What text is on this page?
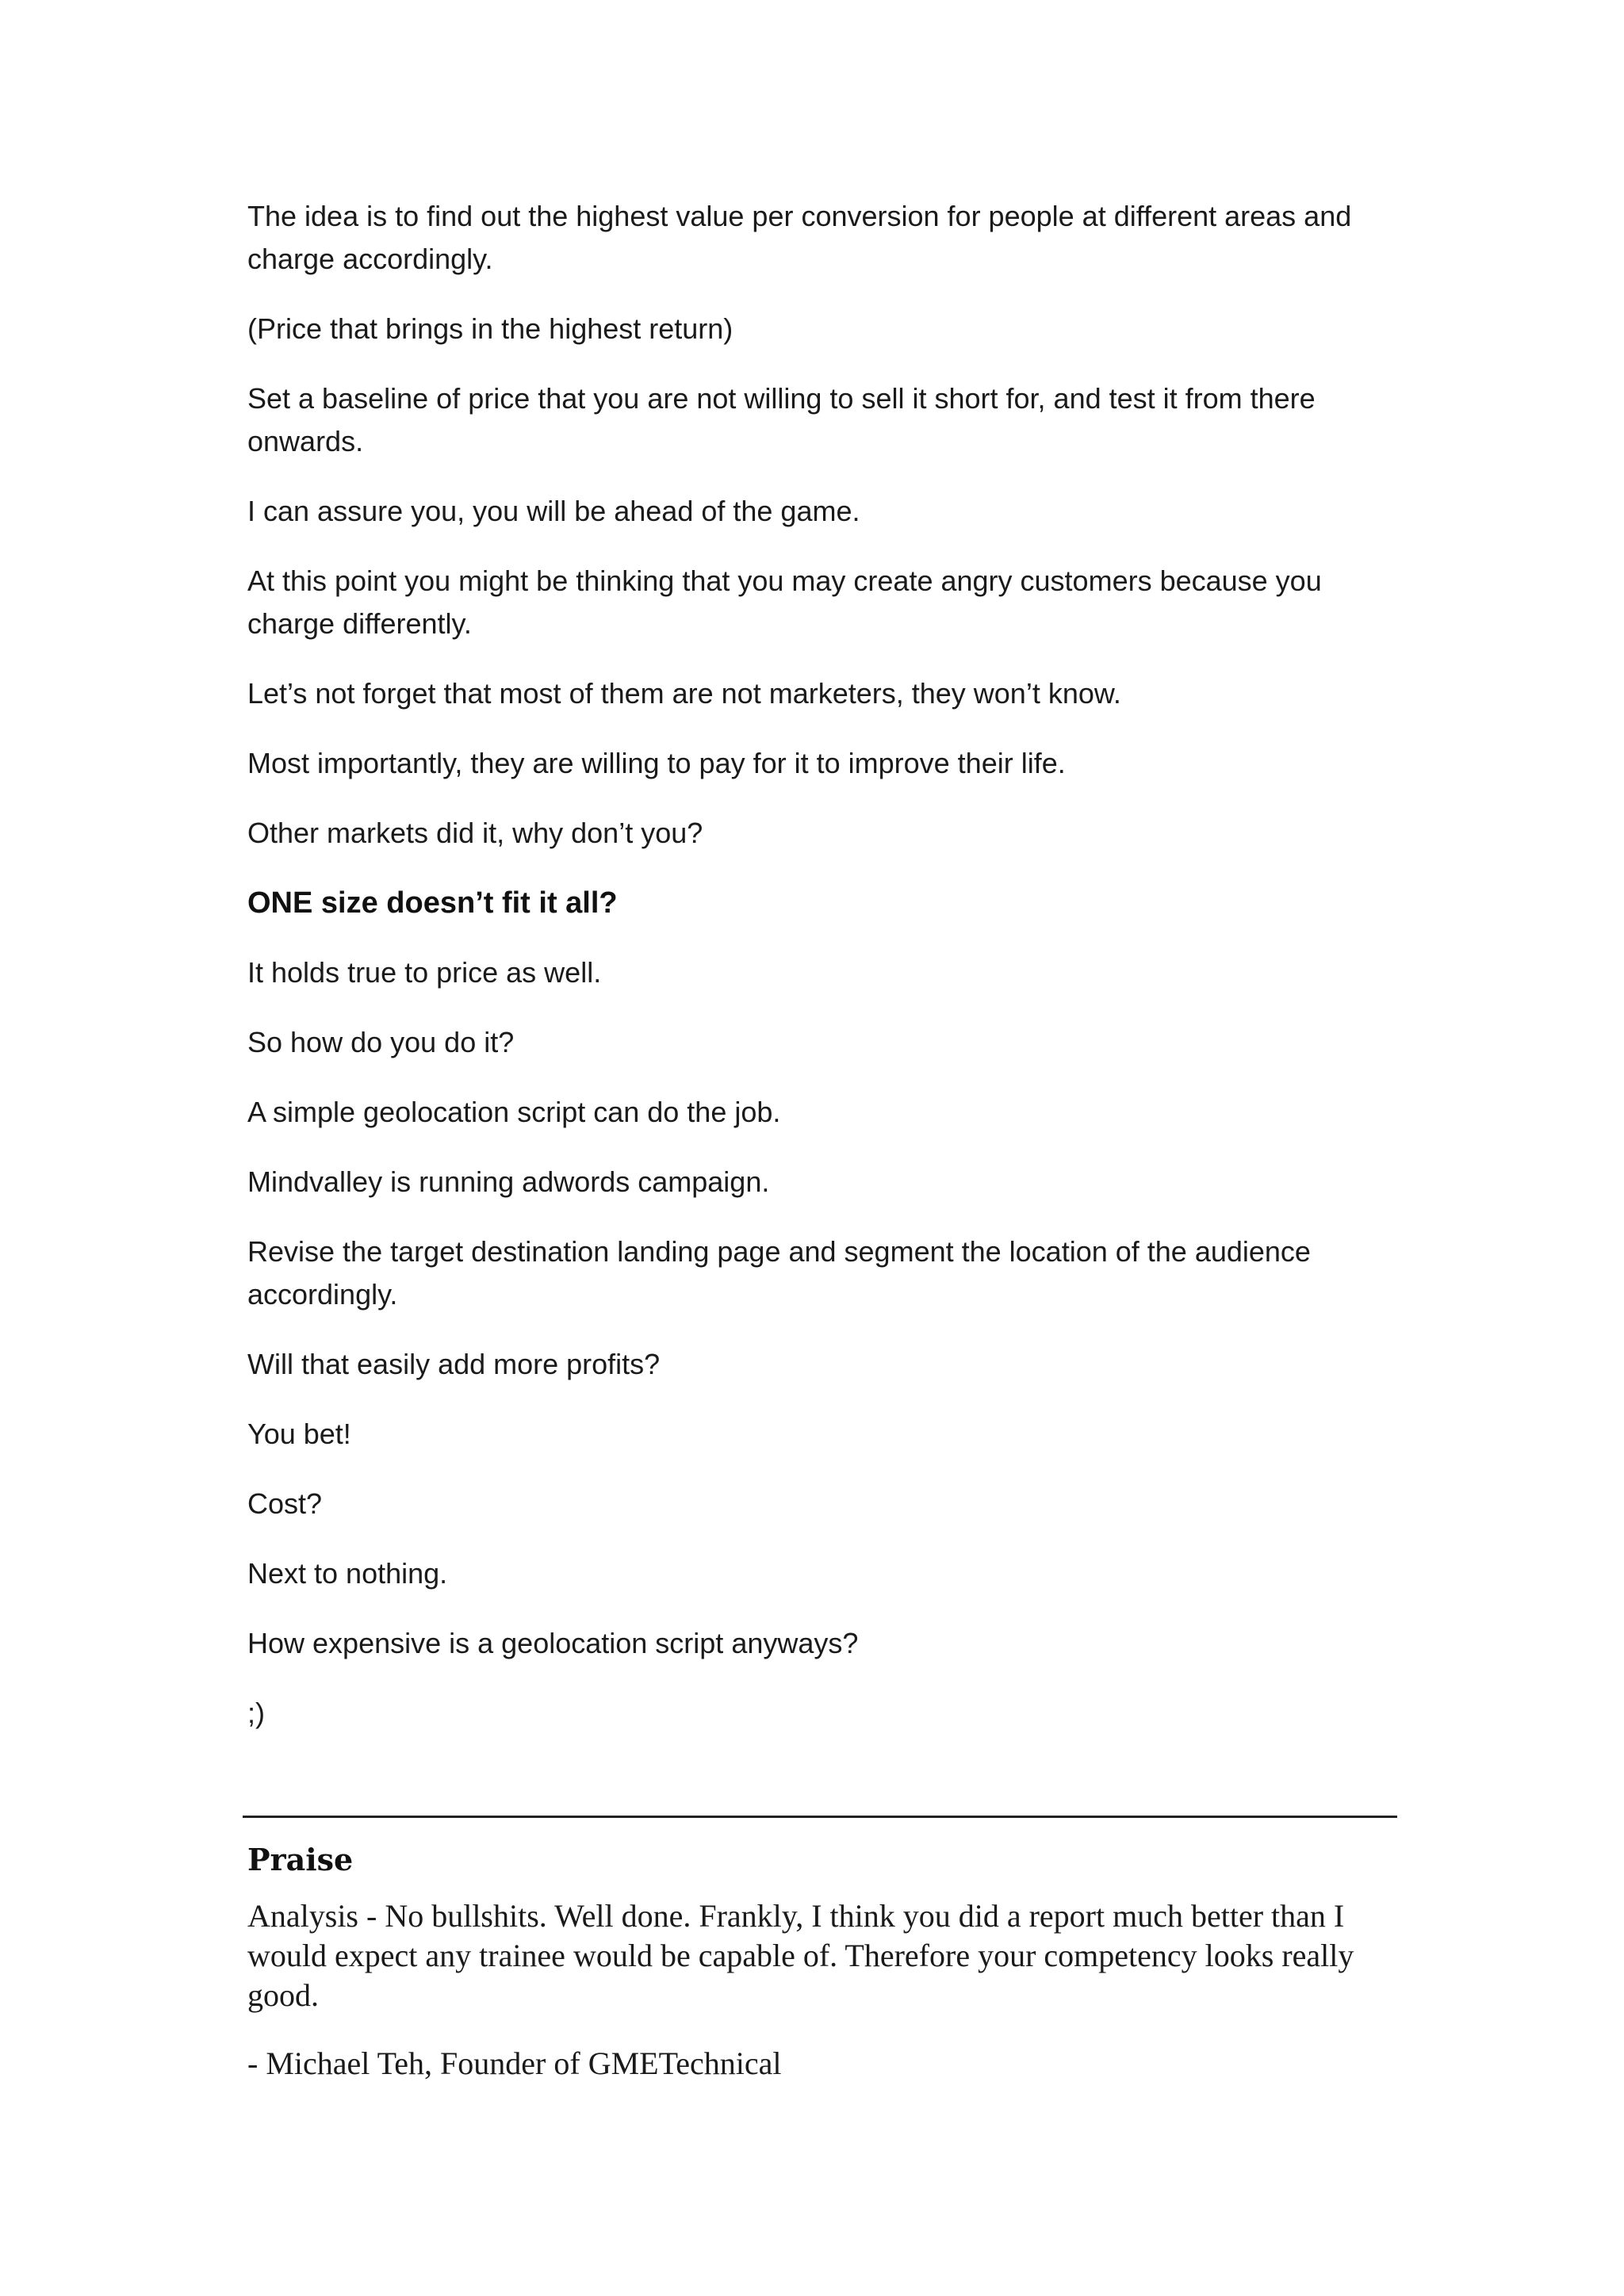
The idea is to find out the highest value per conversion for people at different areas and charge accordingly.

(Price that brings in the highest return)

Set a baseline of price that you are not willing to sell it short for, and test it from there onwards.

I can assure you, you will be ahead of the game.

At this point you might be thinking that you may create angry customers because you charge differently.

Let’s not forget that most of them are not marketers, they won’t know.

Most importantly, they are willing to pay for it to improve their life.

Other markets did it, why don’t you?

ONE size doesn’t fit it all?

It holds true to price as well.

So how do you do it?

A simple geolocation script can do the job.

Mindvalley is running adwords campaign.

Revise the target destination landing page and segment the location of the audience accordingly.

Will that easily add more profits?

You bet!

Cost?

Next to nothing.

How expensive is a geolocation script anyways?

;)

Praise

Analysis - No bullshits. Well done. Frankly, I think you did a report much better than I would expect any trainee would be capable of. Therefore your competency looks really good.

- Michael Teh, Founder of GMETechnical
